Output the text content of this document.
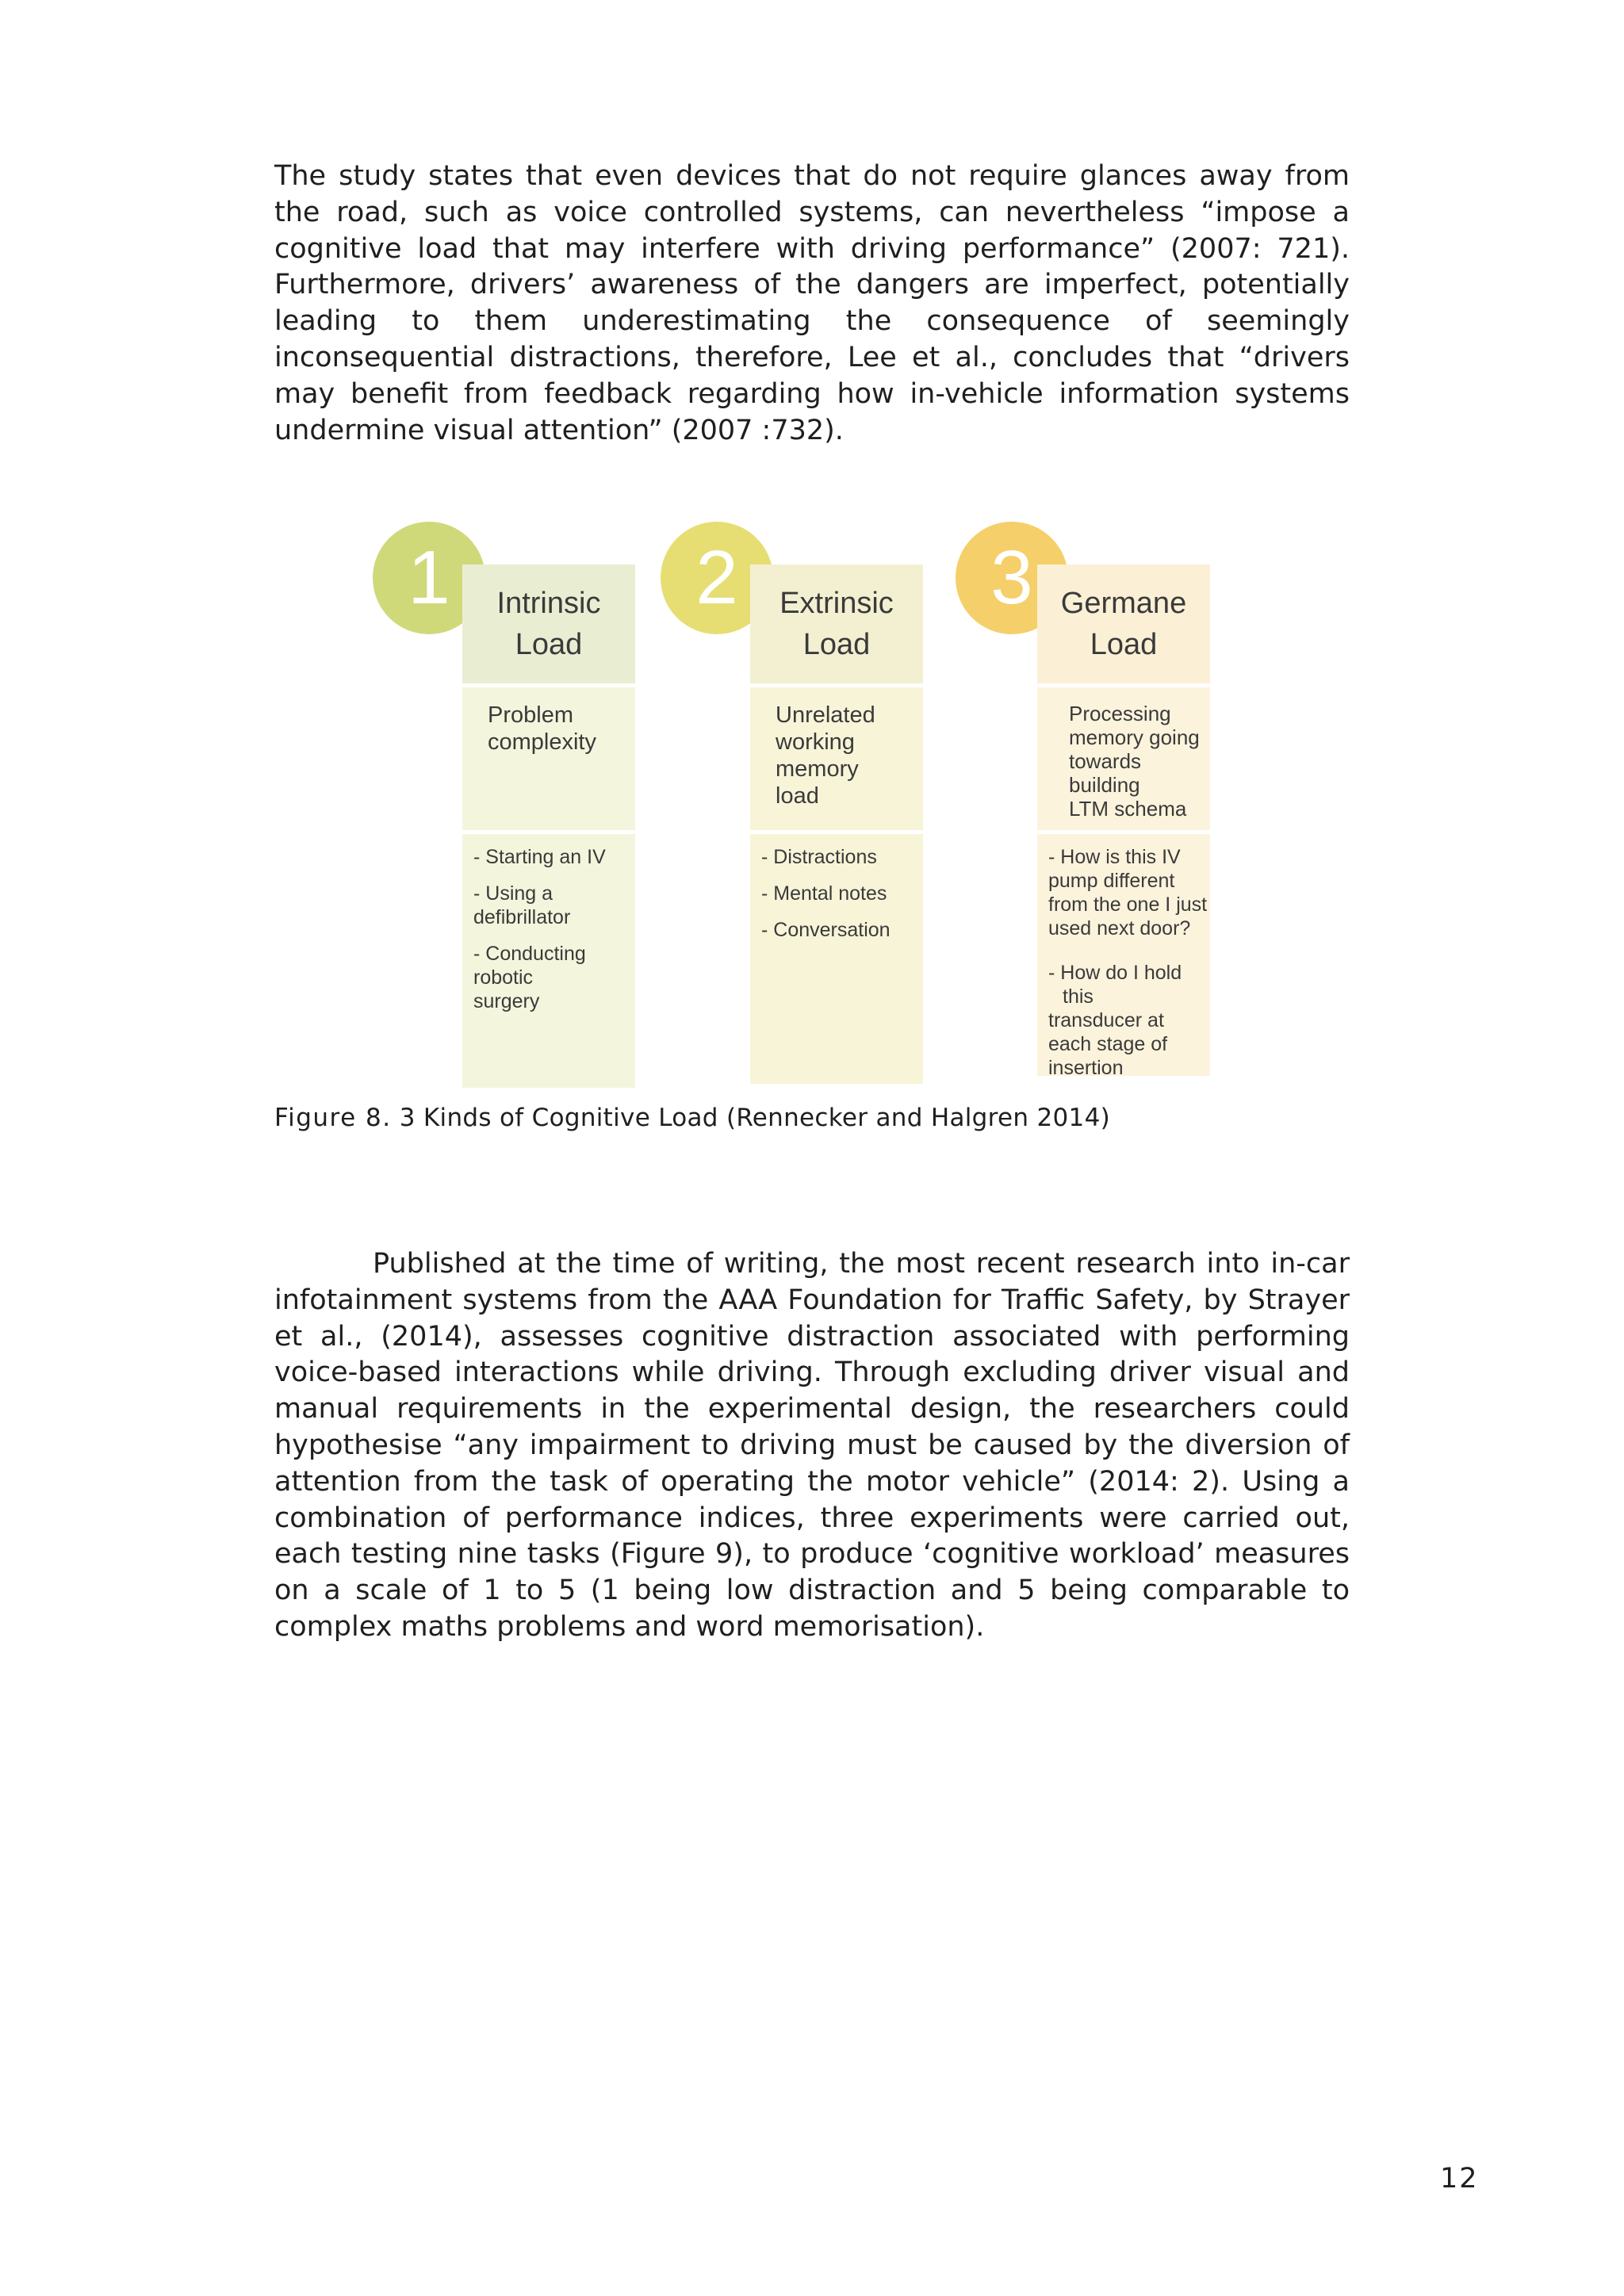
The study states that even devices that do not require glances away from the road, such as voice controlled systems, can nevertheless “impose a cognitive load that may interfere with driving performance” (2007: 721). Furthermore, drivers’ awareness of the dangers are imperfect, potentially leading to them underestimating the consequence of seemingly inconsequential distractions, therefore, Lee et al., concludes that “drivers may benefit from feedback regarding how in-vehicle information systems undermine visual attention” (2007 :732).

1 Intrinsic
Load
Problem
complexity
- Starting an IV
- Using a
defibrillator
- Conducting
robotic
surgery
2 Extrinsic
Load
Unrelated
working
memory
load
- Distractions
- Mental notes
- Conversation
3 Germane
Load
Processing
memory going
towards building
LTM schema
- How is this IV
pump different
from the one I just
used next door?
- How do I hold this
transducer at
each stage of
insertion
Figure 8. 3 Kinds of Cognitive Load (Rennecker and Halgren 2014)

Published at the time of writing, the most recent research into in-car infotainment systems from the AAA Foundation for Traffic Safety, by Strayer et al., (2014), assesses cognitive distraction associated with performing voice-based interactions while driving. Through excluding driver visual and manual requirements in the experimental design, the researchers could hypothesise “any impairment to driving must be caused by the diversion of attention from the task of operating the motor vehicle” (2014: 2). Using a combination of performance indices, three experiments were carried out, each testing nine tasks (Figure 9), to produce ‘cognitive workload’ measures on a scale of 1 to 5 (1 being low distraction and 5 being comparable to complex maths problems and word memorisation).

12
